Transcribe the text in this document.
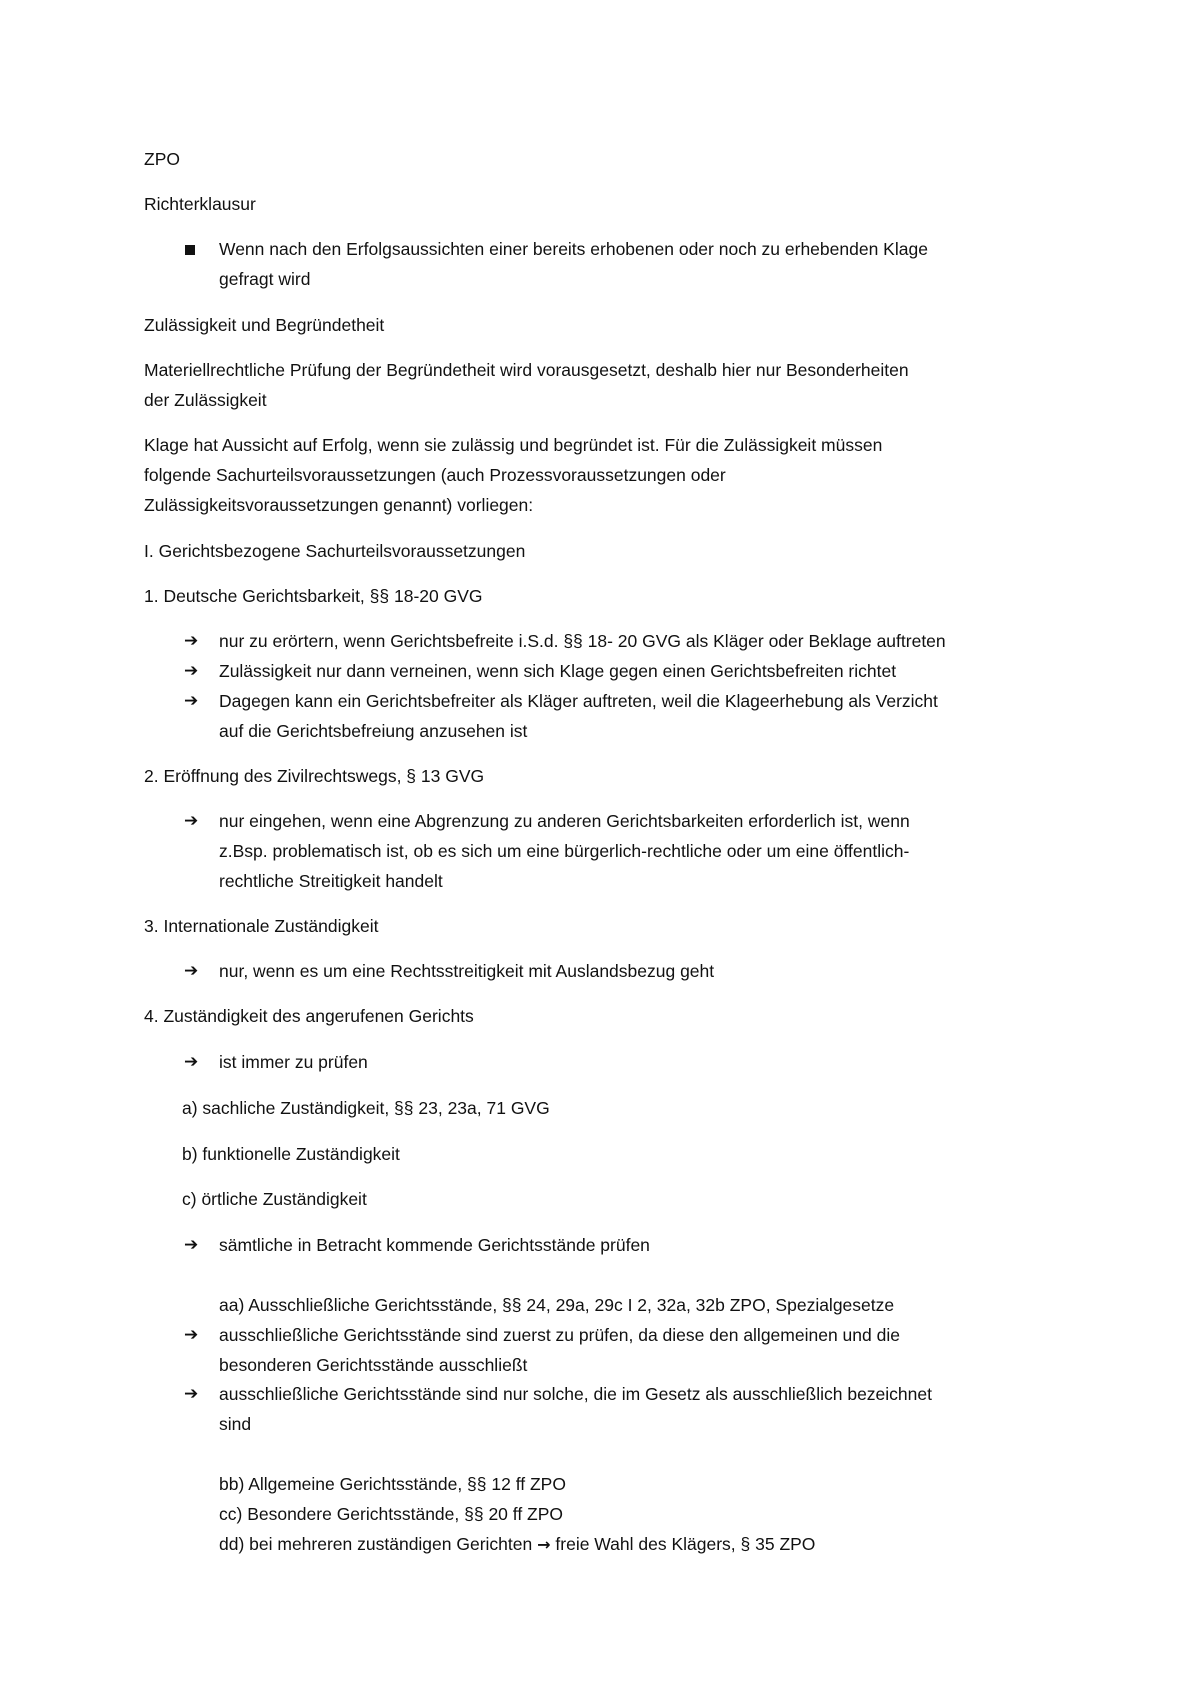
ZPO

Richterklausur

Wenn nach den Erfolgsaussichten einer bereits erhobenen oder noch zu erhebenden Klage

gefragt wird

Zulässigkeit und Begründetheit

Materiellrechtliche Prüfung der Begründetheit wird vorausgesetzt, deshalb hier nur Besonderheiten

der Zulässigkeit

Klage hat Aussicht auf Erfolg, wenn sie zulässig und begründet ist. Für die Zulässigkeit müssen

folgende Sachurteilsvoraussetzungen (auch Prozessvoraussetzungen oder

Zulässigkeitsvoraussetzungen genannt) vorliegen:

I. Gerichtsbezogene Sachurteilsvoraussetzungen

1. Deutsche Gerichtsbarkeit, §§ 18-20 GVG

➔ nur zu erörtern, wenn Gerichtsbefreite i.S.d. §§ 18- 20 GVG als Kläger oder Beklage auftreten

➔ Zulässigkeit nur dann verneinen, wenn sich Klage gegen einen Gerichtsbefreiten richtet

➔ Dagegen kann ein Gerichtsbefreiter als Kläger auftreten, weil die Klageerhebung als Verzicht

auf die Gerichtsbefreiung anzusehen ist

2. Eröffnung des Zivilrechtswegs, § 13 GVG

➔ nur eingehen, wenn eine Abgrenzung zu anderen Gerichtsbarkeiten erforderlich ist, wenn

z.Bsp. problematisch ist, ob es sich um eine bürgerlich-rechtliche oder um eine öffentlich-

rechtliche Streitigkeit handelt

3. Internationale Zuständigkeit

➔ nur, wenn es um eine Rechtsstreitigkeit mit Auslandsbezug geht

4. Zuständigkeit des angerufenen Gerichts

➔ ist immer zu prüfen

a) sachliche Zuständigkeit, §§ 23, 23a, 71 GVG

b) funktionelle Zuständigkeit

c) örtliche Zuständigkeit

➔ sämtliche in Betracht kommende Gerichtsstände prüfen

aa) Ausschließliche Gerichtsstände, §§ 24, 29a, 29c I 2, 32a, 32b ZPO, Spezialgesetze

➔ ausschließliche Gerichtsstände sind zuerst zu prüfen, da diese den allgemeinen und die

besonderen Gerichtsstände ausschließt

➔ ausschließliche Gerichtsstände sind nur solche, die im Gesetz als ausschließlich bezeichnet

sind

bb) Allgemeine Gerichtsstände, §§ 12 ff ZPO

cc) Besondere Gerichtsstände, §§ 20 ff ZPO

dd) bei mehreren zuständigen Gerichten → freie Wahl des Klägers, § 35 ZPO
